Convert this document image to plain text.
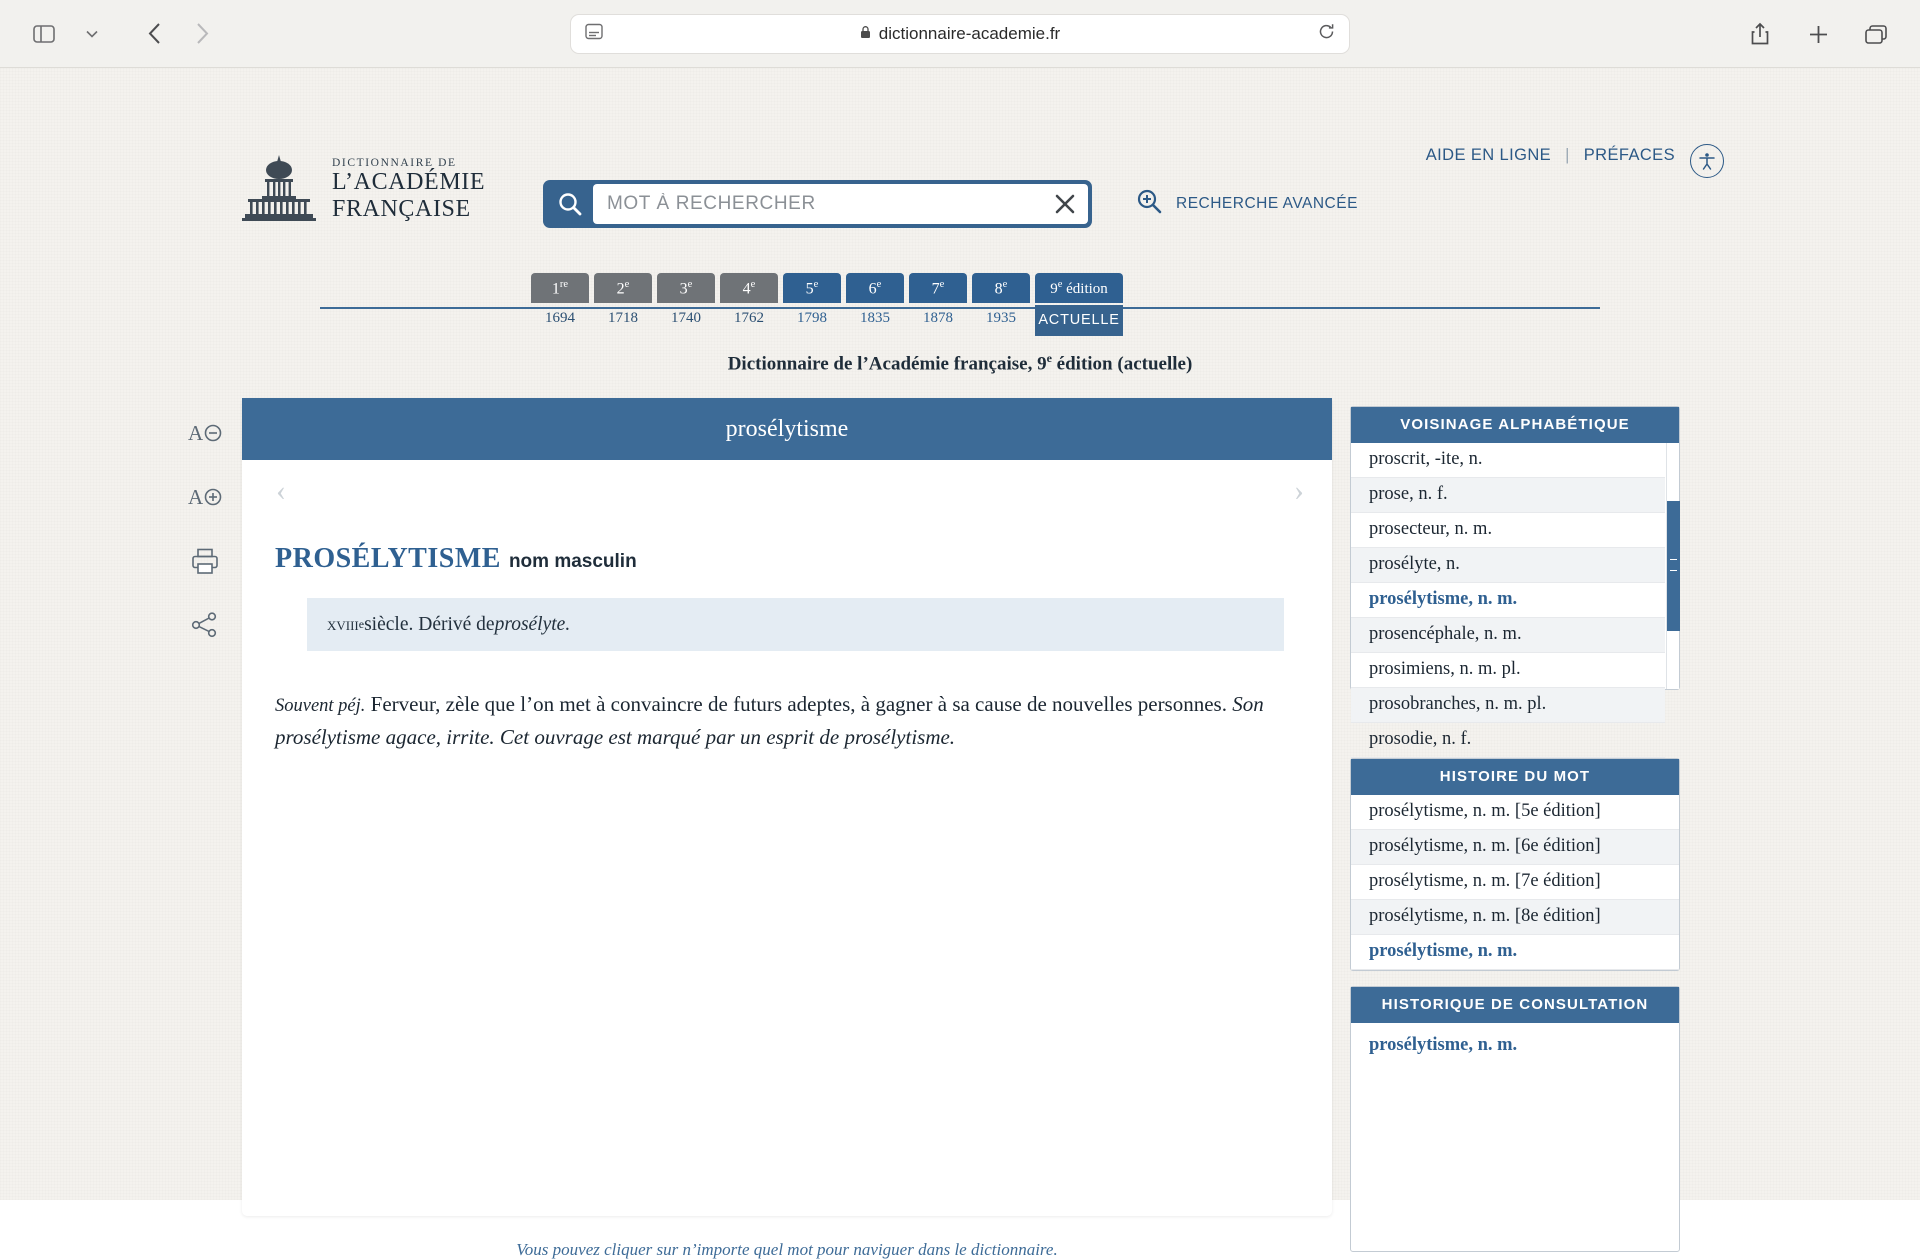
dictionnaire-academie.fr
AIDE EN LIGNE | PRÉFACES
DICTIONNAIRE DE
L’ACADÉMIE
FRANÇAISE
MOT À RECHERCHER	RECHERCHE AVANCÉE
1re
1694
2e
1718
3e
1740
4e
1762
5e
1798
6e
1835
7e
1878
8e
1935
9e édition
ACTUELLE
Dictionnaire de l’Académie française, 9e édition (actuelle)
A
A
prosélytisme
‹	›
PROSÉLYTISME nom masculin
xviii e siècle. Dérivé de prosélyte.
Souvent péj. Ferveur, zèle que l’on met à convaincre de futurs adeptes, à gagner à sa cause de nouvelles personnes. Son prosélytisme agace, irrite. Cet ouvrage est marqué par un esprit de prosélytisme.
Vous pouvez cliquer sur n’importe quel mot pour naviguer dans le dictionnaire.
VOISINAGE ALPHABÉTIQUE
proscrit, -ite, n.
prose, n. f.
prosecteur, n. m.
prosélyte, n.
prosélytisme, n. m.
prosencéphale, n. m.
prosimiens, n. m. pl.
prosobranches, n. m. pl.
prosodie, n. f.
HISTOIRE DU MOT
prosélytisme, n. m. [5e édition]
prosélytisme, n. m. [6e édition]
prosélytisme, n. m. [7e édition]
prosélytisme, n. m. [8e édition]
prosélytisme, n. m.
HISTORIQUE DE CONSULTATION
prosélytisme, n. m.
